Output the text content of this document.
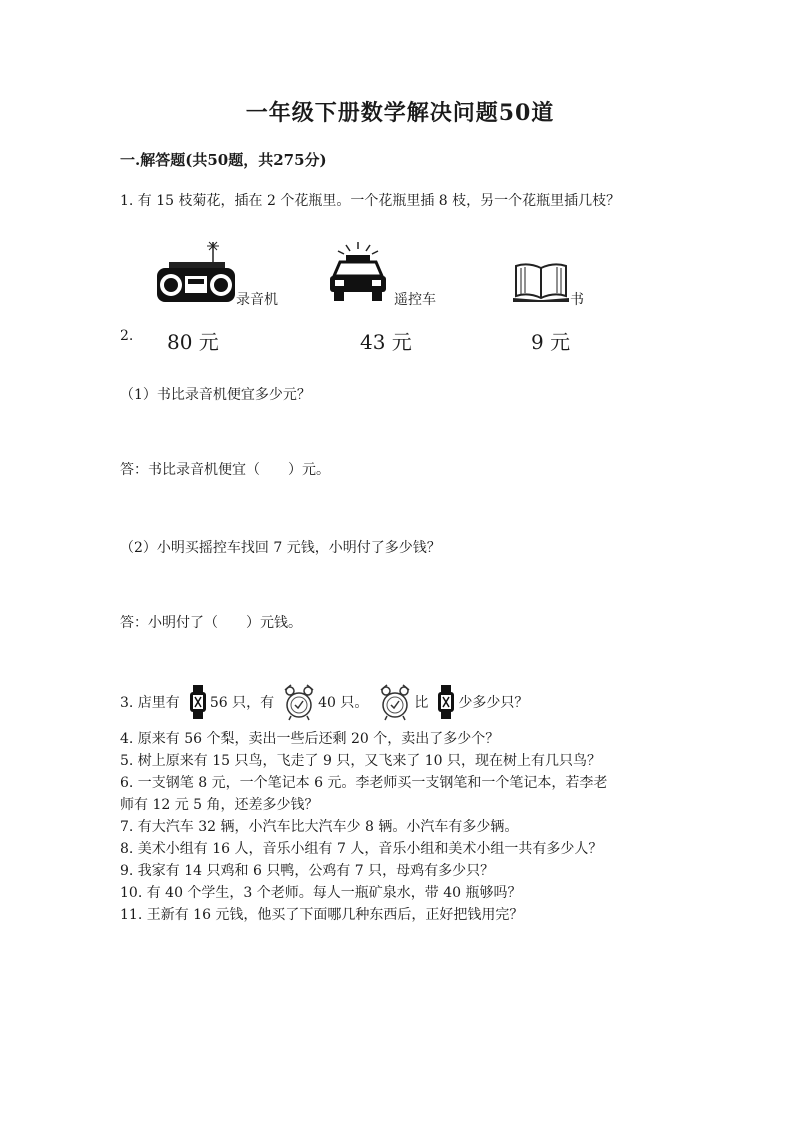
一年级下册数学解决问题50道
一.解答题(共50题，共275分)
1. 有 15 枝菊花，插在 2 个花瓶里。一个花瓶里插 8 枝，另一个花瓶里插几枝？
2.
录音机
80 元
遥控车
43 元
书
9 元
（1）书比录音机便宜多少元？
答：书比录音机便宜（　　）元。
（2）小明买摇控车找回 7 元钱，小明付了多少钱？
答：小明付了（　　）元钱。
3. 店里有 56 只，有	40 只。	比 少多少只？
4. 原来有 56 个梨，卖出一些后还剩 20 个，卖出了多少个？
5. 树上原来有 15 只鸟，飞走了 9 只，又飞来了 10 只，现在树上有几只鸟？
6. 一支钢笔 8 元，一个笔记本 6 元。李老师买一支钢笔和一个笔记本，若李老
师有 12 元 5 角，还差多少钱？
7. 有大汽车 32 辆，小汽车比大汽车少 8 辆。小汽车有多少辆。
8. 美术小组有 16 人，音乐小组有 7 人，音乐小组和美术小组一共有多少人？
9. 我家有 14 只鸡和 6 只鸭，公鸡有 7 只，母鸡有多少只？
10. 有 40 个学生，3 个老师。每人一瓶矿泉水，带 40 瓶够吗？
11. 王新有 16 元钱，他买了下面哪几种东西后，正好把钱用完？
